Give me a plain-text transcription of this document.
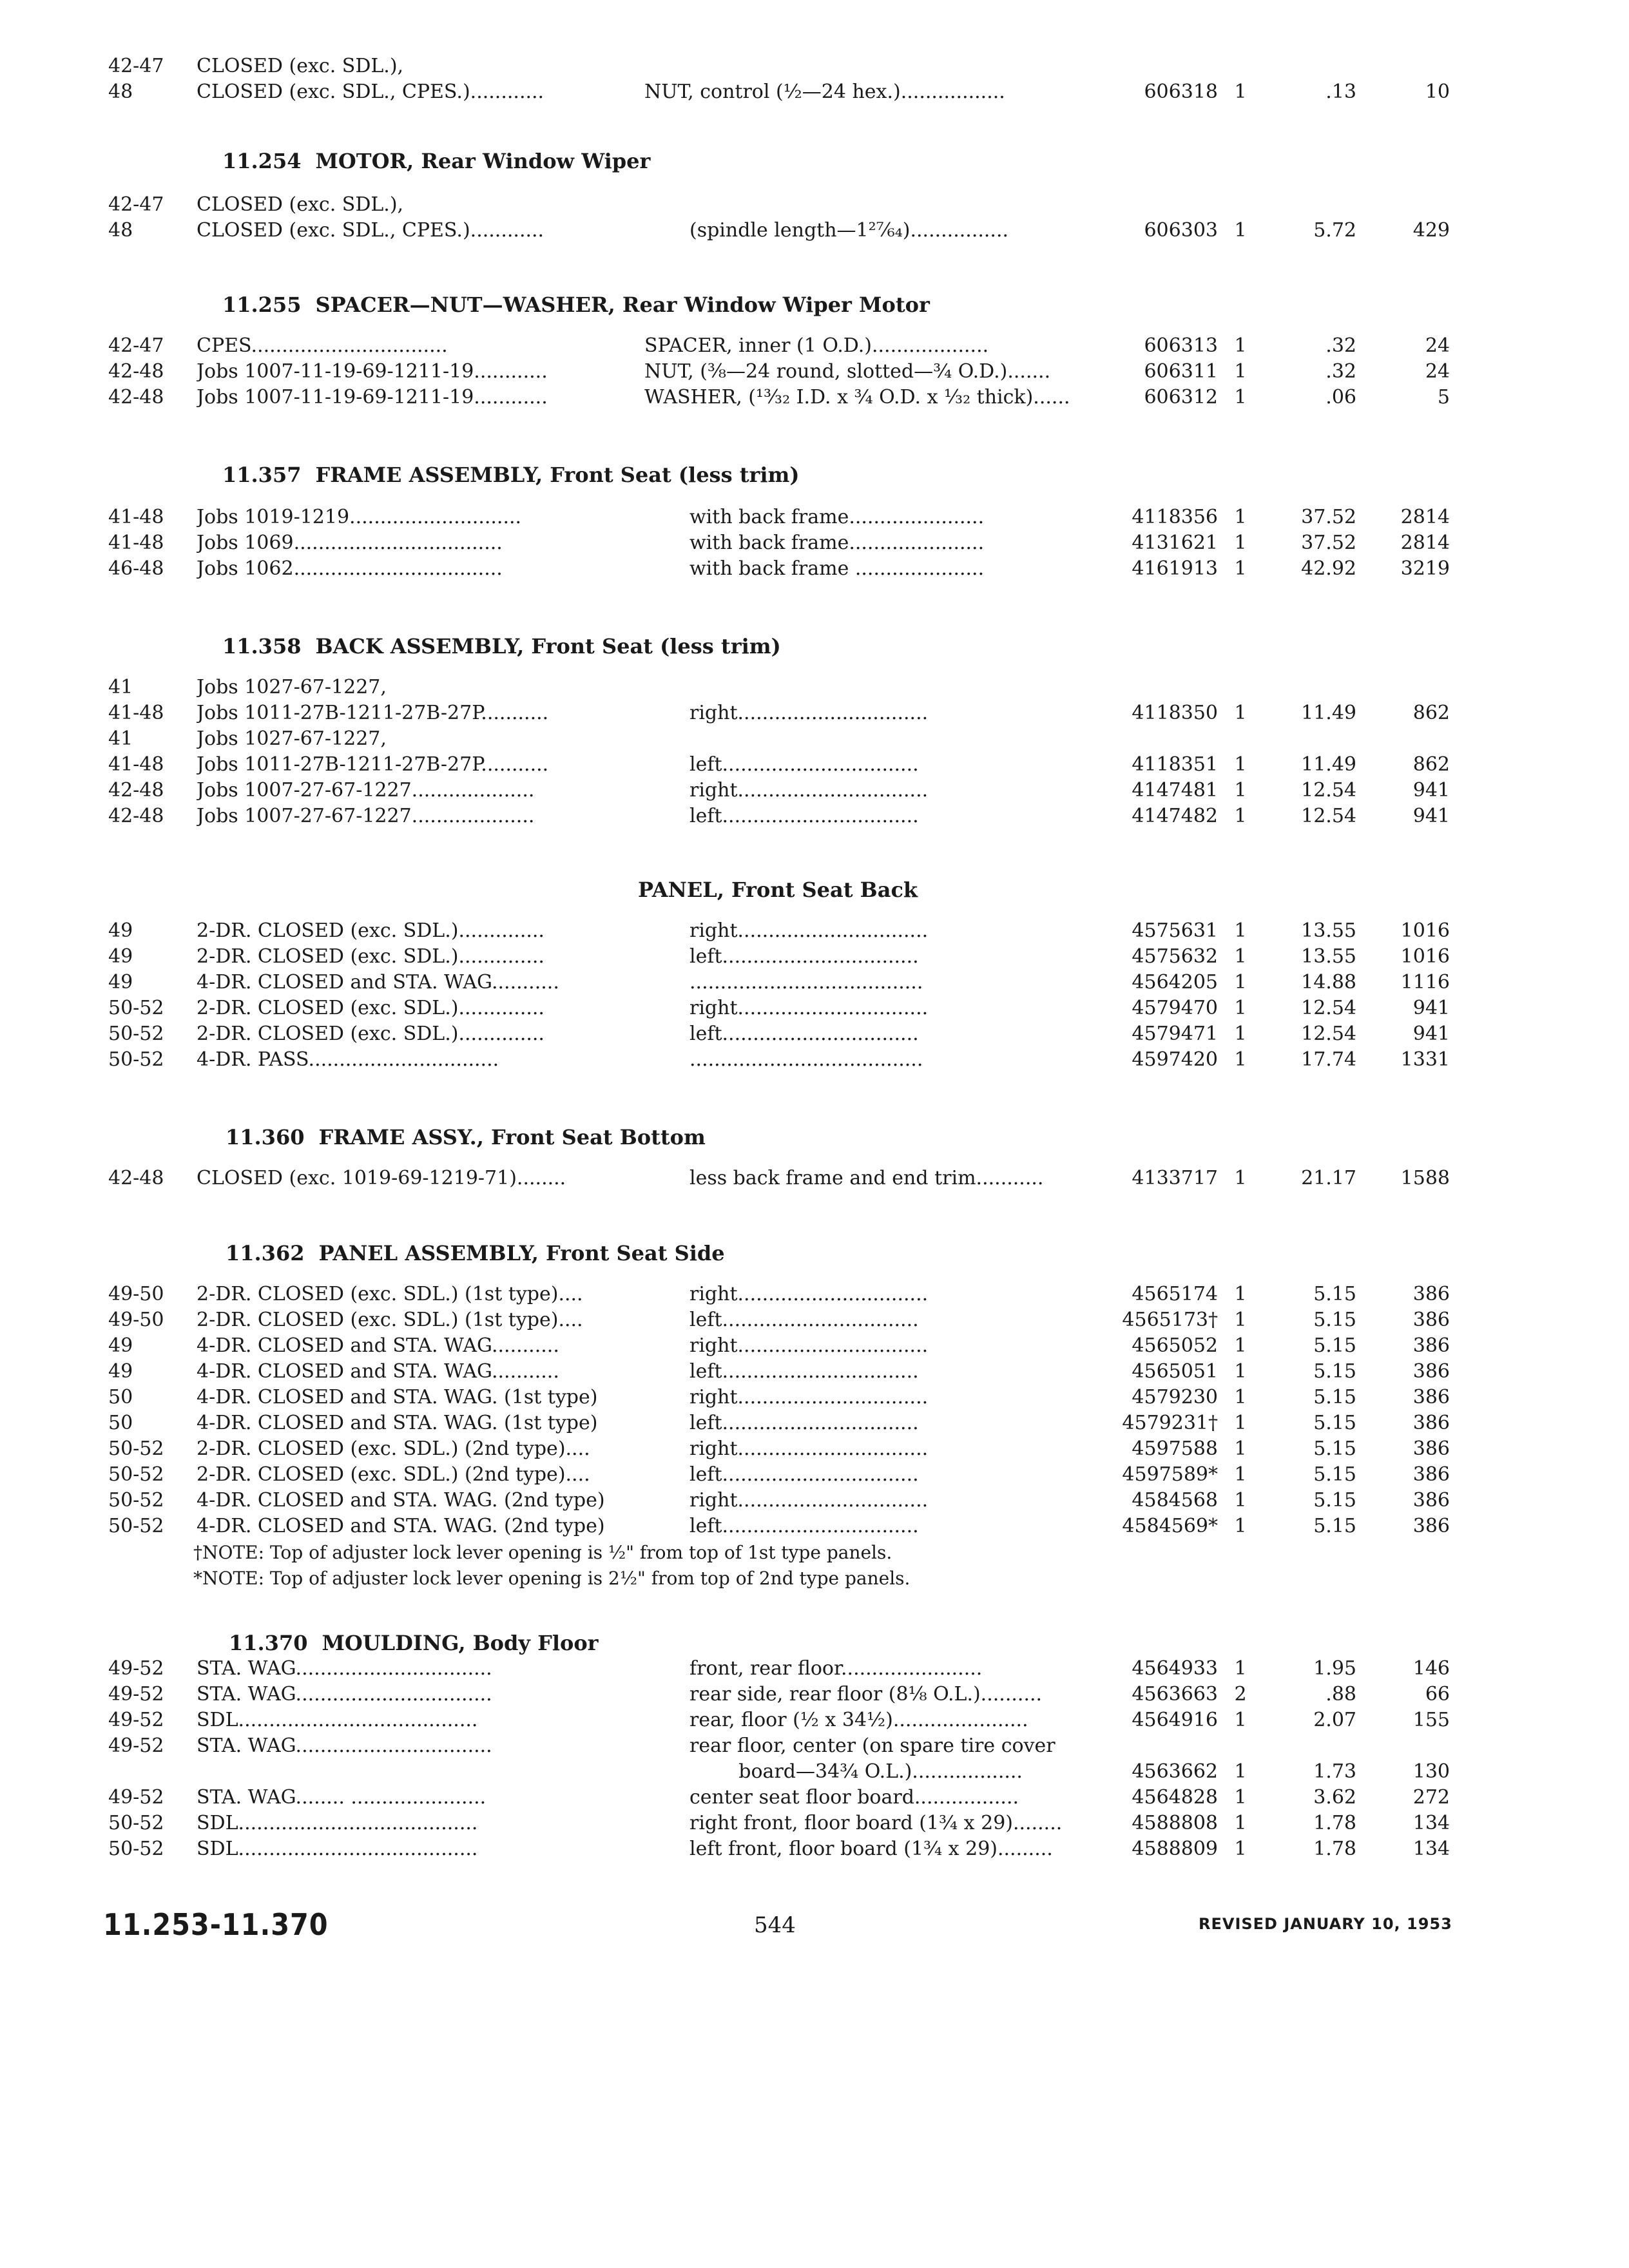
42-47 CLOSED (exc. SDL.),
48	CLOSED (exc. SDL., CPES.)............	NUT, control (½—24 hex.).................	606318 1	.13	10
11.254 MOTOR, Rear Window Wiper
42-47 CLOSED (exc. SDL.),
48	CLOSED (exc. SDL., CPES.)............	(spindle length—1²⁷⁄₆₄)................	606303 1	5.72	429
11.255 SPACER—NUT—WASHER, Rear Window Wiper Motor
42-47 CPES................................	SPACER, inner (1 O.D.)...................	606313 1	.32	24
42-48 Jobs 1007-11-19-69-1211-19............	NUT, (⅜—24 round, slotted—¾ O.D.).......	606311 1	.32	24
42-48 Jobs 1007-11-19-69-1211-19............	WASHER, (¹³⁄₃₂ I.D. x ¾ O.D. x ¹⁄₃₂ thick)......	606312 1	.06	5
11.357 FRAME ASSEMBLY, Front Seat (less trim)
41-48 Jobs 1019-1219............................	with back frame......................	4118356 1	37.52	2814
41-48 Jobs 1069..................................	with back frame......................	4131621 1	37.52	2814
46-48 Jobs 1062..................................	with back frame .....................	4161913 1	42.92	3219
11.358 BACK ASSEMBLY, Front Seat (less trim)
41	Jobs 1027-67-1227,
41-48 Jobs 1011-27B-1211-27B-27P...........	right...............................	4118350 1	11.49	862
41	Jobs 1027-67-1227,
41-48 Jobs 1011-27B-1211-27B-27P...........	left................................	4118351 1	11.49	862
42-48 Jobs 1007-27-67-1227....................	right...............................	4147481 1	12.54	941
42-48 Jobs 1007-27-67-1227....................	left................................	4147482 1	12.54	941
PANEL, Front Seat Back
49	2-DR. CLOSED (exc. SDL.)..............	right...............................	4575631 1	13.55	1016
49	2-DR. CLOSED (exc. SDL.)..............	left................................	4575632 1	13.55	1016
49	4-DR. CLOSED and STA. WAG...........	......................................	4564205 1	14.88	1116
50-52 2-DR. CLOSED (exc. SDL.)..............	right...............................	4579470 1	12.54	941
50-52 2-DR. CLOSED (exc. SDL.)..............	left................................	4579471 1	12.54	941
50-52 4-DR. PASS...............................	......................................	4597420 1	17.74	1331
11.360 FRAME ASSY., Front Seat Bottom
42-48 CLOSED (exc. 1019-69-1219-71)........	less back frame and end trim...........	4133717 1	21.17	1588
11.362 PANEL ASSEMBLY, Front Seat Side
49-50 2-DR. CLOSED (exc. SDL.) (1st type)....	right...............................	4565174 1	5.15	386
49-50 2-DR. CLOSED (exc. SDL.) (1st type)....	left................................	4565173† 1	5.15	386
49	4-DR. CLOSED and STA. WAG...........	right...............................	4565052 1	5.15	386
49	4-DR. CLOSED and STA. WAG...........	left................................	4565051 1	5.15	386
50	4-DR. CLOSED and STA. WAG. (1st type)	right...............................	4579230 1	5.15	386
50	4-DR. CLOSED and STA. WAG. (1st type)	left................................	4579231† 1	5.15	386
50-52 2-DR. CLOSED (exc. SDL.) (2nd type)....	right...............................	4597588 1	5.15	386
50-52 2-DR. CLOSED (exc. SDL.) (2nd type)....	left................................	4597589* 1	5.15	386
50-52 4-DR. CLOSED and STA. WAG. (2nd type)	right...............................	4584568 1	5.15	386
50-52 4-DR. CLOSED and STA. WAG. (2nd type)	left................................	4584569* 1	5.15	386
†NOTE: Top of adjuster lock lever opening is ½" from top of 1st type panels.
*NOTE: Top of adjuster lock lever opening is 2½" from top of 2nd type panels.
11.370 MOULDING, Body Floor
49-52 STA. WAG................................	front, rear floor.......................	4564933 1	1.95	146
49-52 STA. WAG................................	rear side, rear floor (8⅛ O.L.)..........	4563663 2	.88	66
49-52 SDL.......................................	rear, floor (½ x 34½)......................	4564916 1	2.07	155
49-52 STA. WAG................................	rear floor, center (on spare tire cover
board—34¾ O.L.)..................	4563662 1	1.73	130
49-52 STA. WAG........ ......................	center seat floor board.................	4564828 1	3.62	272
50-52 SDL.......................................	right front, floor board (1¾ x 29)........	4588808 1	1.78	134
50-52 SDL.......................................	left front, floor board (1¾ x 29).........	4588809 1	1.78	134
11.253-11.370	544	REVISED JANUARY 10, 1953
